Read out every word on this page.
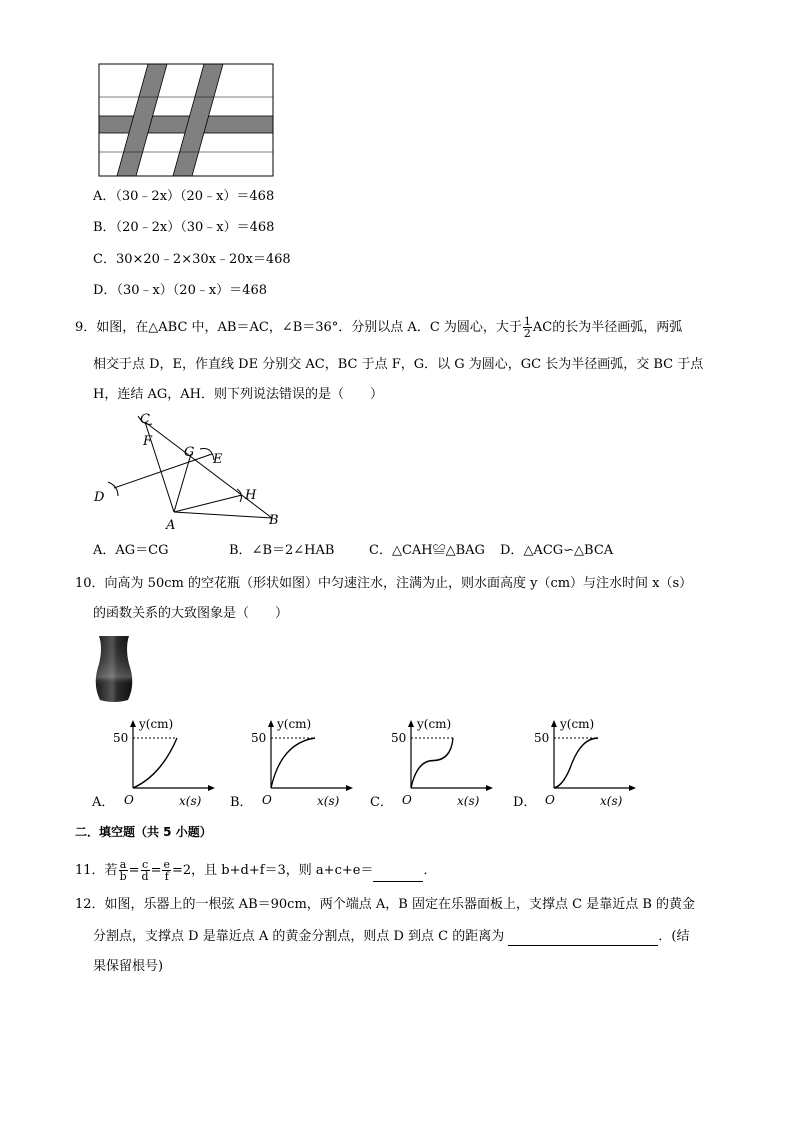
A．（30﹣2x）（20﹣x）＝468
B．（20﹣2x）（30﹣x）＝468
C．30×20﹣2×30x﹣20x＝468
D．（30﹣x）（20﹣x）＝468
9．如图，在△ABC 中，AB＝AC，∠B＝36°．分别以点 A．C 为圆心，大于 $\frac{1}{2}$ AC的长为半径画弧，两弧
相交于点 D，E，作直线 DE 分别交 AC，BC 于点 F，G．以 G 为圆心，GC 长为半径画弧，交 BC 于点
H，连结 AG，AH．则下列说法错误的是（　　）
C
G E
F
D	H
A	B
A．AG＝CG	B．∠B＝2∠HAB	C．△CAH≌△BAG D．△ACG∽△BCA
10．向高为 50cm 的空花瓶（形状如图）中匀速注水，注满为止，则水面高度 y（cm）与注水时间 x（s）
的函数关系的大致图象是（　　）
A．
50
y(cm)
x(s)
O	B．
50
y(cm)
x(s)
O	C．
50
y(cm)
x(s)
O	D．
50
y(cm)
x(s)
O
二．填空题（共 5 小题）
11．若 $\frac{a}{b} = \frac{c}{d} = \frac{e}{f} =2$，且 b+d+f＝3，则 a+c+e＝	．
12．如图，乐器上的一根弦 AB＝90cm，两个端点 A，B 固定在乐器面板上，支撑点 C 是靠近点 B 的黄金
分割点，支撑点 D 是靠近点 A 的黄金分割点，则点 D 到点 C 的距离为	．(结
果保留根号)
